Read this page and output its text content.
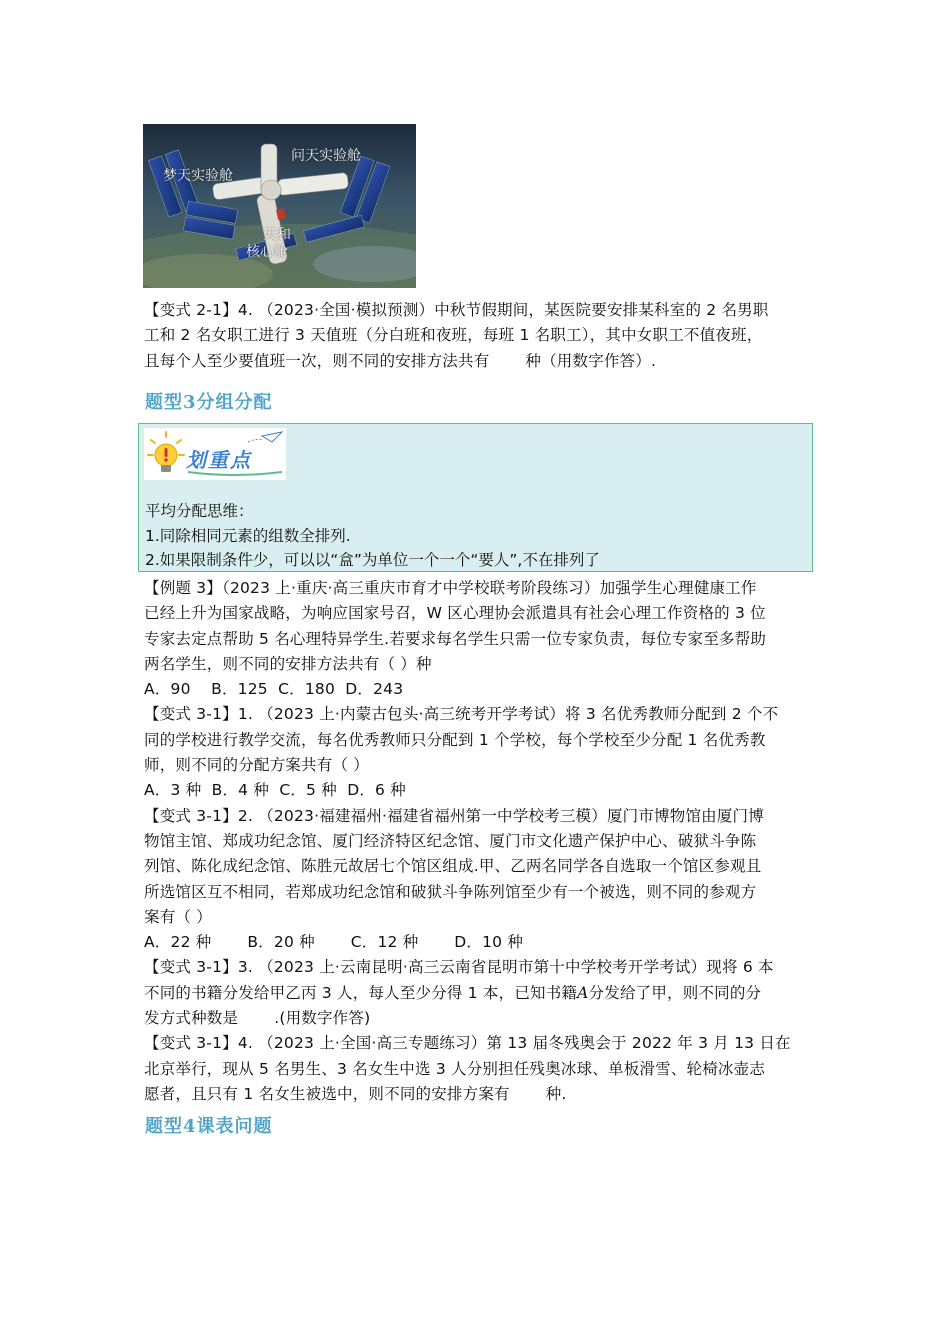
梦天实验舱
问天实验舱
天和
核心舱

【变式 2-1】4. （2023·全国·模拟预测）中秋节假期间，某医院要安排某科室的 2 名男职

工和 2 名女职工进行 3 天值班（分白班和夜班，每班 1 名职工），其中女职工不值夜班，

且每个人至少要值班一次，则不同的安排方法共有 种（用数字作答）.

题型3分组分配
划重点

平均分配思维：

1.同除相同元素的组数全排列.

2.如果限制条件少，可以以“盒”为单位一个一个“要人”,不在排列了

【例题 3】（2023 上·重庆·高三重庆市育才中学校联考阶段练习）加强学生心理健康工作

已经上升为国家战略，为响应国家号召，W 区心理协会派遣具有社会心理工作资格的 3 位

专家去定点帮助 5 名心理特异学生.若要求每名学生只需一位专家负责，每位专家至多帮助

两名学生，则不同的安排方法共有（ ）种

A．90    B．125  C．180  D．243

【变式 3-1】1. （2023 上·内蒙古包头·高三统考开学考试）将 3 名优秀教师分配到 2 个不

同的学校进行教学交流，每名优秀教师只分配到 1 个学校，每个学校至少分配 1 名优秀教

师，则不同的分配方案共有（ ）

A．3 种  B．4 种  C．5 种  D．6 种

【变式 3-1】2. （2023·福建福州·福建省福州第一中学校考三模）厦门市博物馆由厦门博

物馆主馆、郑成功纪念馆、厦门经济特区纪念馆、厦门市文化遗产保护中心、破狱斗争陈

列馆、陈化成纪念馆、陈胜元故居七个馆区组成.甲、乙两名同学各自选取一个馆区参观且

所选馆区互不相同，若郑成功纪念馆和破狱斗争陈列馆至少有一个被选，则不同的参观方

案有（ ）

A．22 种       B．20 种       C．12 种       D．10 种

【变式 3-1】3. （2023 上·云南昆明·高三云南省昆明市第十中学校考开学考试）现将 6 本

不同的书籍分发给甲乙丙 3 人，每人至少分得 1 本，已知书籍A分发给了甲，则不同的分

发方式种数是 .(用数字作答)

【变式 3-1】4. （2023 上·全国·高三专题练习）第 13 届冬残奥会于 2022 年 3 月 13 日在

北京举行，现从 5 名男生、3 名女生中选 3 人分别担任残奥冰球、单板滑雪、轮椅冰壶志

愿者，且只有 1 名女生被选中，则不同的安排方案有 种.

题型4课表问题
